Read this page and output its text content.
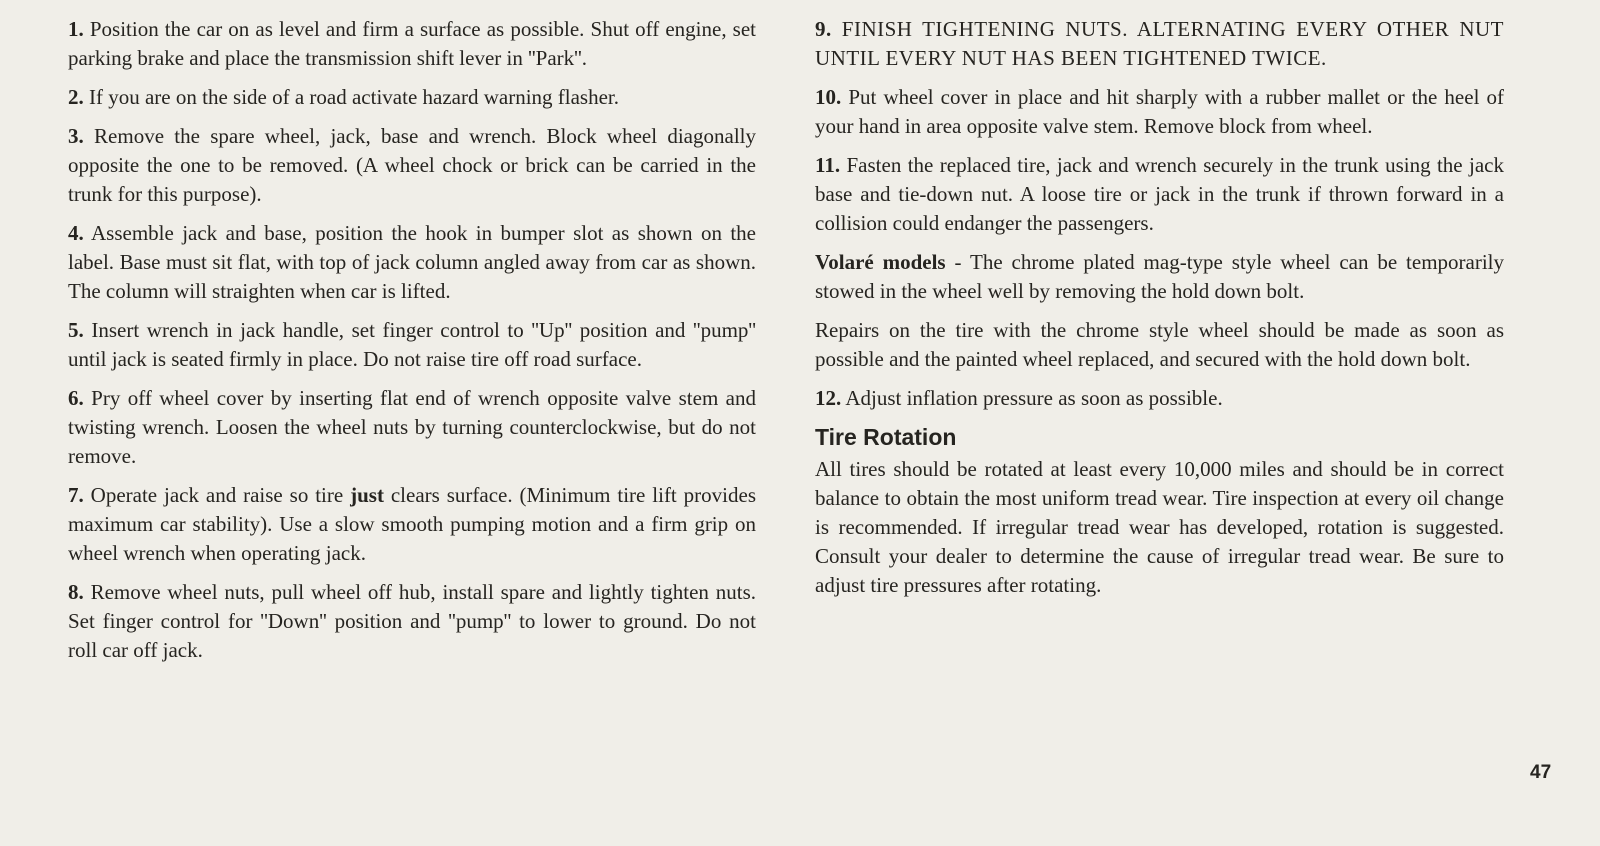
1. Position the car on as level and firm a surface as possible. Shut off engine, set parking brake and place the transmission shift lever in ''Park''.

2. If you are on the side of a road activate hazard warning flasher.

3. Remove the spare wheel, jack, base and wrench. Block wheel diagonally opposite the one to be removed. (A wheel chock or brick can be carried in the trunk for this purpose).

4. Assemble jack and base, position the hook in bumper slot as shown on the label. Base must sit flat, with top of jack column angled away from car as shown. The column will straighten when car is lifted.

5. Insert wrench in jack handle, set finger control to ''Up'' position and ''pump'' until jack is seated firmly in place. Do not raise tire off road surface.

6. Pry off wheel cover by inserting flat end of wrench opposite valve stem and twisting wrench. Loosen the wheel nuts by turning counterclockwise, but do not remove.

7. Operate jack and raise so tire just clears surface. (Minimum tire lift provides maximum car stability). Use a slow smooth pumping motion and a firm grip on wheel wrench when operating jack.

8. Remove wheel nuts, pull wheel off hub, install spare and lightly tighten nuts. Set finger control for ''Down'' position and ''pump'' to lower to ground. Do not roll car off jack.

9. FINISH TIGHTENING NUTS. ALTERNATING EVERY OTHER NUT UNTIL EVERY NUT HAS BEEN TIGHTENED TWICE.

10. Put wheel cover in place and hit sharply with a rubber mallet or the heel of your hand in area opposite valve stem. Remove block from wheel.

11. Fasten the replaced tire, jack and wrench securely in the trunk using the jack base and tie-down nut. A loose tire or jack in the trunk if thrown forward in a collision could endanger the passengers.

Volaré models - The chrome plated mag-type style wheel can be temporarily stowed in the wheel well by removing the hold down bolt.

Repairs on the tire with the chrome style wheel should be made as soon as possible and the painted wheel replaced, and secured with the hold down bolt.

12. Adjust inflation pressure as soon as possible.

Tire Rotation

All tires should be rotated at least every 10,000 miles and should be in correct balance to obtain the most uniform tread wear. Tire inspection at every oil change is recommended. If irregular tread wear has developed, rotation is suggested. Consult your dealer to determine the cause of irregular tread wear. Be sure to adjust tire pressures after rotating.

47
